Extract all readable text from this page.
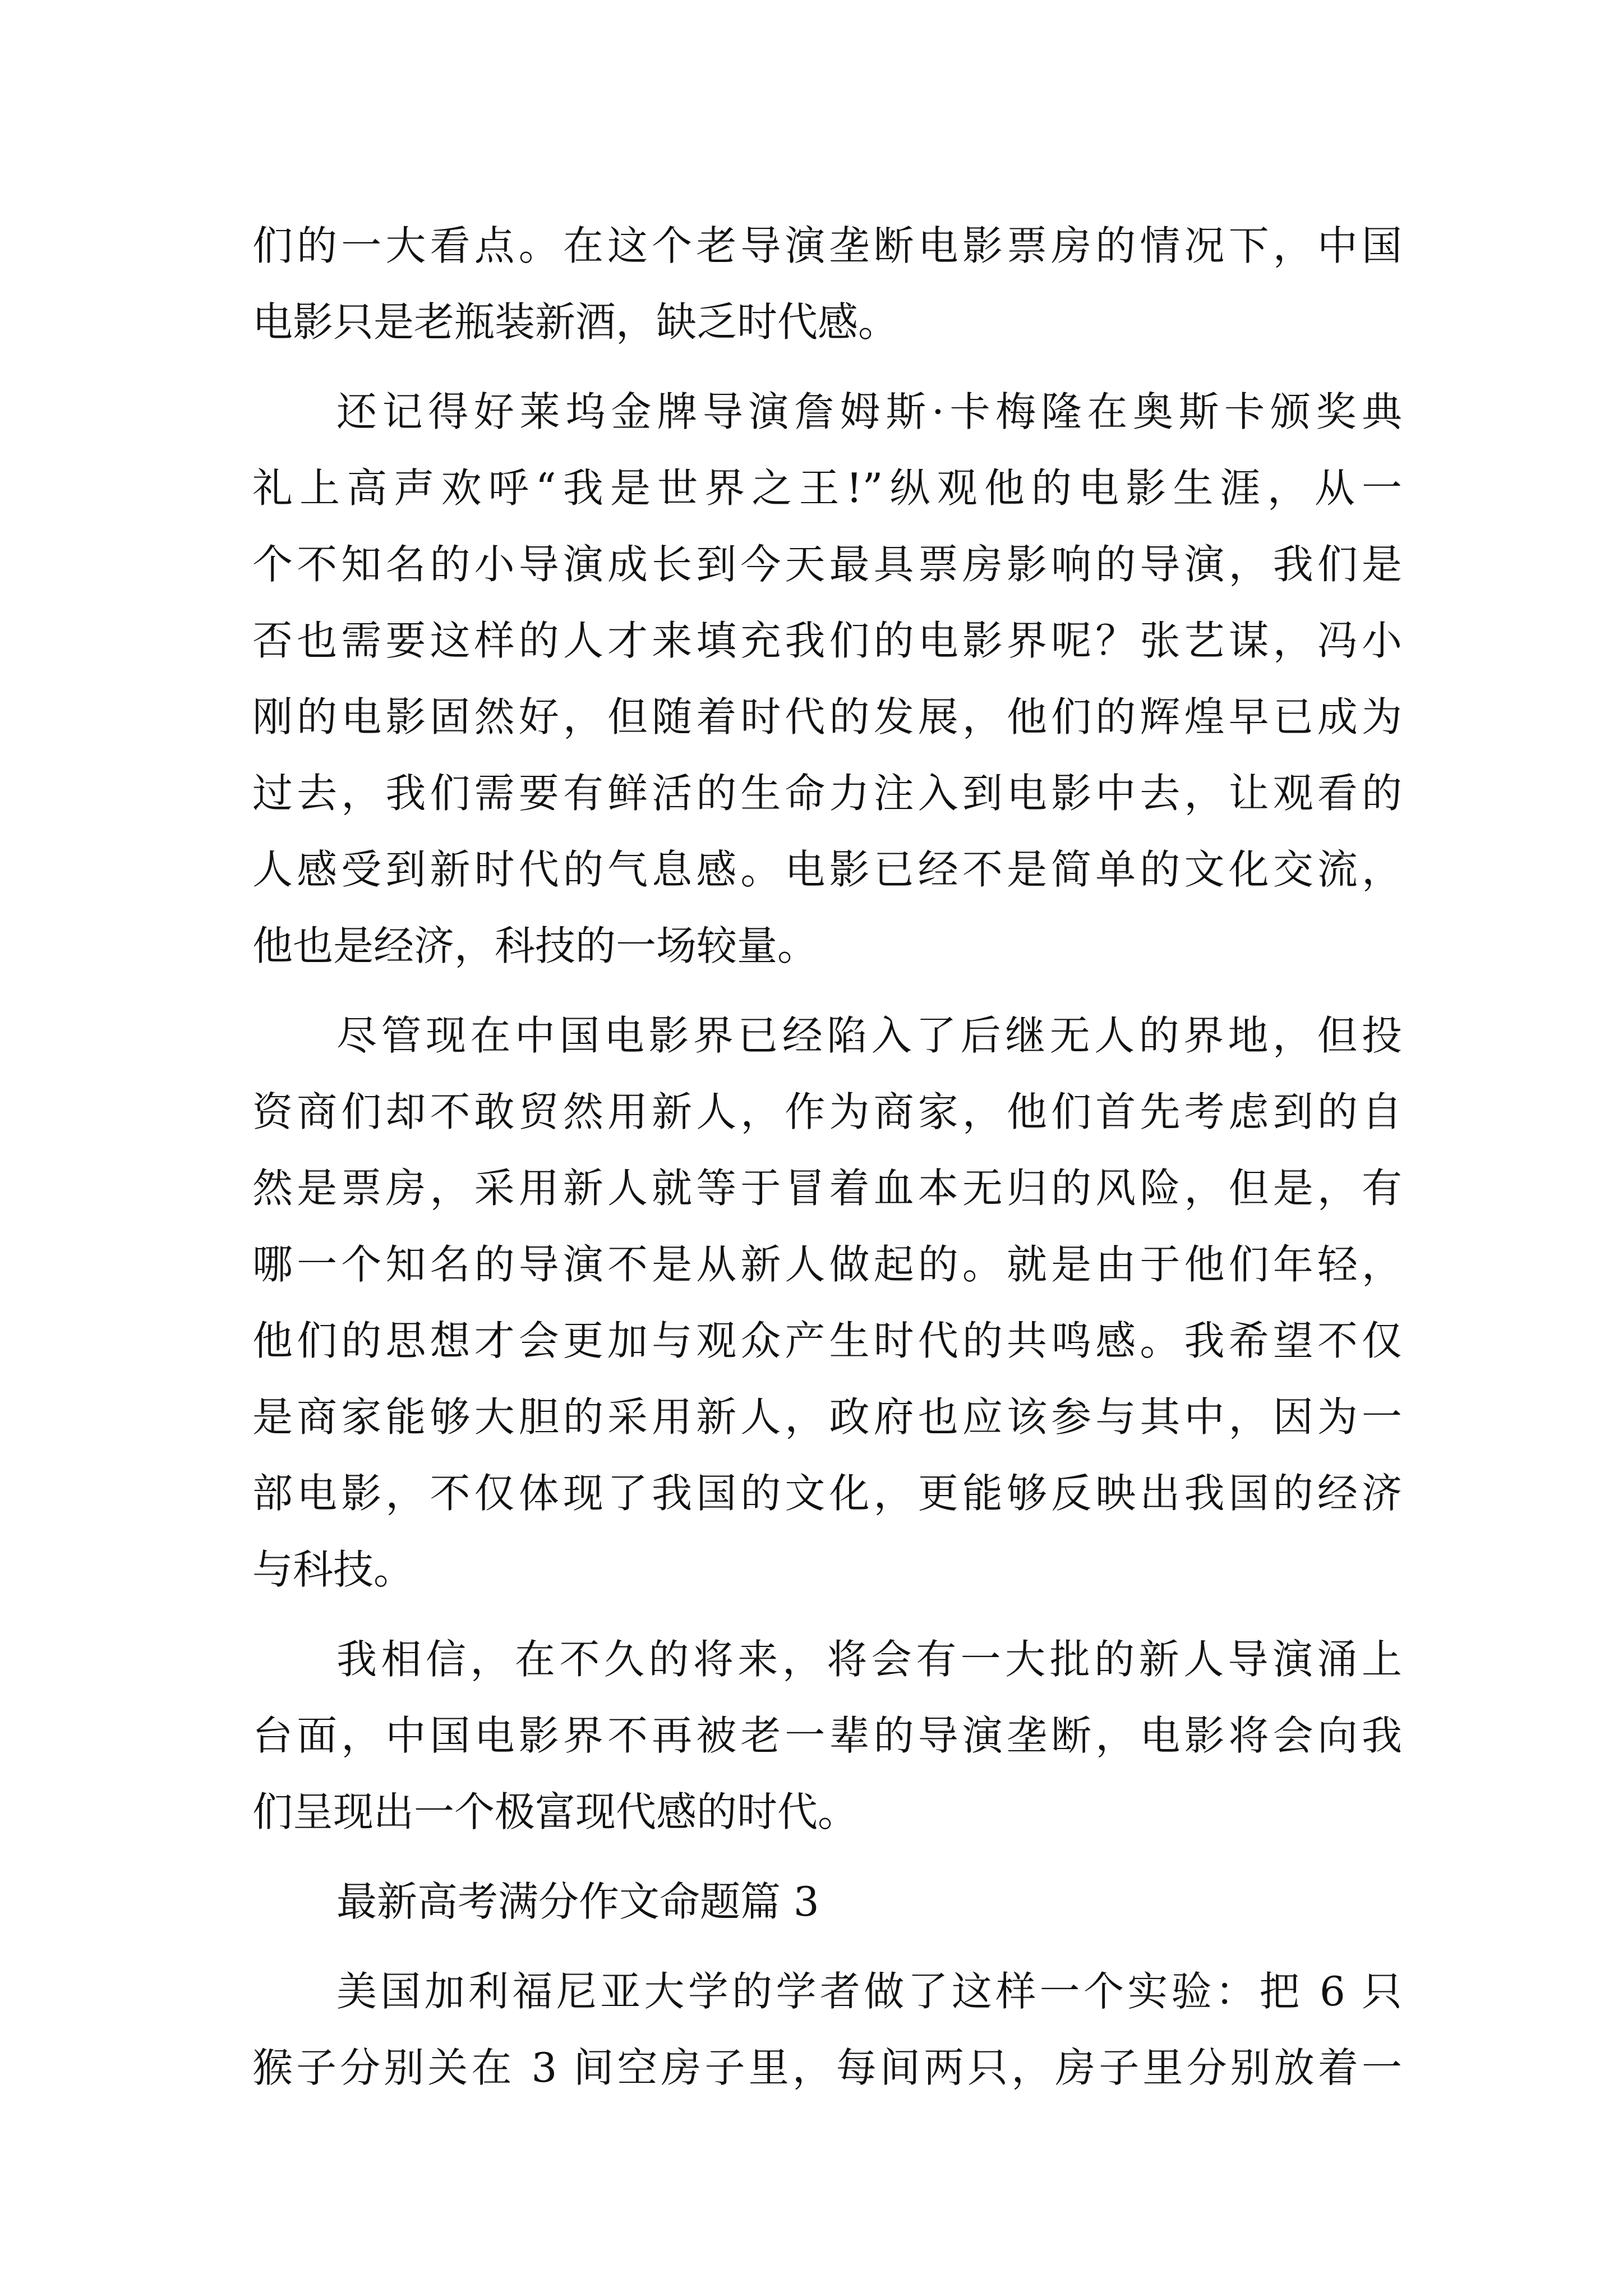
们的一大看点。在这个老导演垄断电影票房的情况下，中国
电影只是老瓶装新酒，缺乏时代感。
还记得好莱坞金牌导演詹姆斯·卡梅隆在奥斯卡颁奖典
礼上高声欢呼“我是世界之王!”纵观他的电影生涯，从一
个不知名的小导演成长到今天最具票房影响的导演，我们是
否也需要这样的人才来填充我们的电影界呢？张艺谋，冯小
刚的电影固然好，但随着时代的发展，他们的辉煌早已成为
过去，我们需要有鲜活的生命力注入到电影中去，让观看的
人感受到新时代的气息感。电影已经不是简单的文化交流，
他也是经济，科技的一场较量。
尽管现在中国电影界已经陷入了后继无人的界地，但投
资商们却不敢贸然用新人，作为商家，他们首先考虑到的自
然是票房，采用新人就等于冒着血本无归的风险，但是，有
哪一个知名的导演不是从新人做起的。就是由于他们年轻，
他们的思想才会更加与观众产生时代的共鸣感。我希望不仅
是商家能够大胆的采用新人，政府也应该参与其中，因为一
部电影，不仅体现了我国的文化，更能够反映出我国的经济
与科技。
我相信，在不久的将来，将会有一大批的新人导演涌上
台面，中国电影界不再被老一辈的导演垄断，电影将会向我
们呈现出一个极富现代感的时代。
最新高考满分作文命题篇 3
美国加利福尼亚大学的学者做了这样一个实验：把 6 只
猴子分别关在 3 间空房子里，每间两只，房子里分别放着一
